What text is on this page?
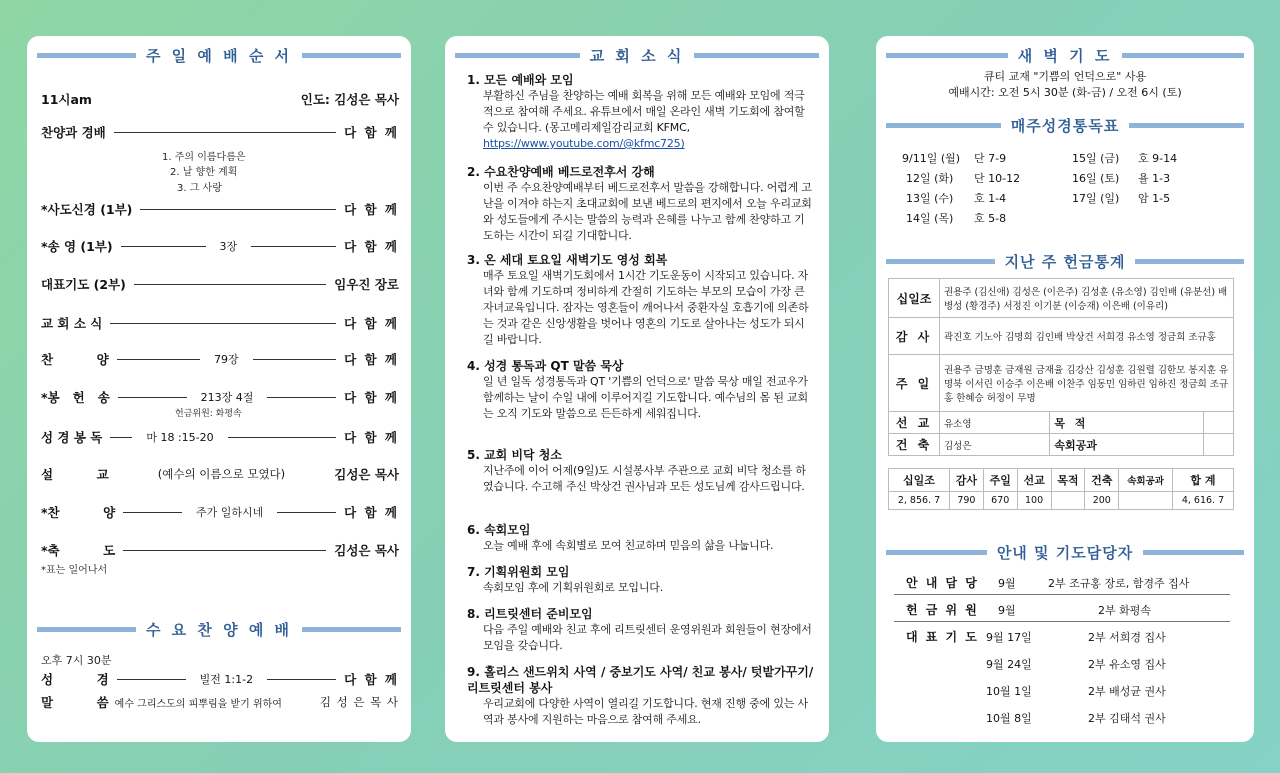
주 일 예 배 순 서
11시am	인도: 김성은 목사
찬양과 경배	다 함 께
1. 주의 이름다름은
2. 날 향한 계획
3. 그 사랑
*사도신경 (1부)	다 함 께
*송 영 (1부)	3장	다 함 께
대표기도 (2부)	임우진 장로
교 회 소 식	다 함 께
찬          양	79장	다 함 께
*봉   헌   송	213장 4절	다 함 께
헌금위원: 화평속
성 경 봉 독	마 18 :15-20	다 함 께
설          교	(예수의 이름으로 모였다)	김성은 목사
*찬          양	주가 일하시네	다 함 께
*축          도	김성은 목사
*표는 일어나서
수 요 찬 양 예 배
오후 7시 30분
성          경	빌전 1:1-2	다 함 께
말          씀 예수 그리스도의 피뿌림을 받기 위하여	김 성 은 목 사
교 회 소 식
1. 모든 예배와 모임
부활하신 주님을 찬양하는 예배 회복을 위해 모든 예배와 모임에 적극적으로 참여해 주세요. 유튜브에서 매일 온라인 새벽 기도회에 참여할 수 있습니다. (몽고메리제일감리교회 KFMC, https://www.youtube.com/@kfmc725)
2. 수요찬양예배 베드로전후서 강해
이번 주 수요찬양예배부터 베드로전후서 말씀을 강해합니다. 어렵게 고난을 이겨야 하는지 초대교회에 보낸 베드로의 편지에서 오늘 우리교회와 성도들에게 주시는 말씀의 능력과 은혜를 나누고 함께 찬양하고 기도하는 시간이 되길 기대합니다.
3. 온 세대 토요일 새벽기도 영성 회복
매주 토요일 새벽기도회에서 1시간 기도운동이 시작되고 있습니다. 자녀와 함께 기도하며 정비하게 간절히 기도하는 부모의 모습이 가장 큰 자녀교육입니다. 잠자는 영혼들이 깨어나서 중환자실 호흡기에 의존하는 것과 같은 신앙생활을 벗어나 영혼의 기도로 살아나는 성도가 되시길 바랍니다.
4. 성경 통독과 QT 말씀 묵상
일 년 일독 성경통독과 QT '기쁨의 언덕으로' 말씀 묵상 매일 전교우가 함께하는 날이 수일 내에 이루어지길 기도합니다. 예수님의 몸 된 교회는 오직 기도와 말씀으로 든든하게 세워집니다.
5. 교회 비닥 청소
지난주에 이어 어제(9일)도 시설봉사부 주관으로 교회 비닥 청소를 하였습니다. 수고해 주신 박상건 권사님과 모든 성도님께 감사드립니다.
6. 속회모임
오늘 예배 후에 속회별로 모여 친교하며 믿음의 삶을 나눕니다.
7. 기획위원회 모임
속회모임 후에 기획위원회로 모입니다.
8. 리트릿센터 준비모임
다음 주일 예배와 친교 후에 리트릿센터 운영위원과 회원들이 현장에서 모임을 갖습니다.
9. 홀리스 샌드위치 사역 / 중보기도 사역/ 친교 봉사/ 텃밭가꾸기/ 리트릿센터 봉사
우리교회에 다양한 사역이 열리길 기도합니다. 현재 진행 중에 있는 사역과 봉사에 지원하는 마음으로 참여해 주세요.
새 벽 기 도
큐티 교재 "기쁨의 언덕으로" 사용
예배시간: 오전 5시 30분 (화-금) / 오전 6시 (토)
매주성경통독표
9/11일 (월) 단 7-9
12일 (화) 단 10-12
13일 (수) 호 1-4
14일 (목) 호 5-8
15일 (금) 호 9-14
16일 (토) 욜 1-3
17일 (일) 암 1-5
지난 주 헌금통계
십일조	권용주 (김신애) 김성은 (이은주) 김성훈 (유소영) 김인배 (유분선) 배병성 (황경주) 서정진 이기분 (이승재) 이은배 (이유리)		
감 사	곽진호 기노아 김명희 김인배 박상건 서희경 유소영 정금희 조규홍		
주 일	권용주 금명훈 금재원 금재율 김강산 김성훈 김원렬 김한모 봉지훈 유명북 이서린 이승주 이은배 이찬주 임동민 임하린 임하진 정금희 조규홍 한혜승 허정이 무명		
선 교	유소영	목 적	
건 축	김성은	속회공과	
십일조	감사	주일	선교	목적	건축	속회공과	합 계
2, 856. 7	790	670	100		200		4, 616. 7
안내 및 기도담당자
안 내 담 당 9월	2부 조규홍 장로, 함경주 집사
헌 금 위 원 9월	2부 화평속
대 표 기 도 9월 17일	2부 서희경 집사
9월 24일	2부 유소영 집사
10월 1일	2부 배성균 권사
10월 8일	2부 김태석 권사
